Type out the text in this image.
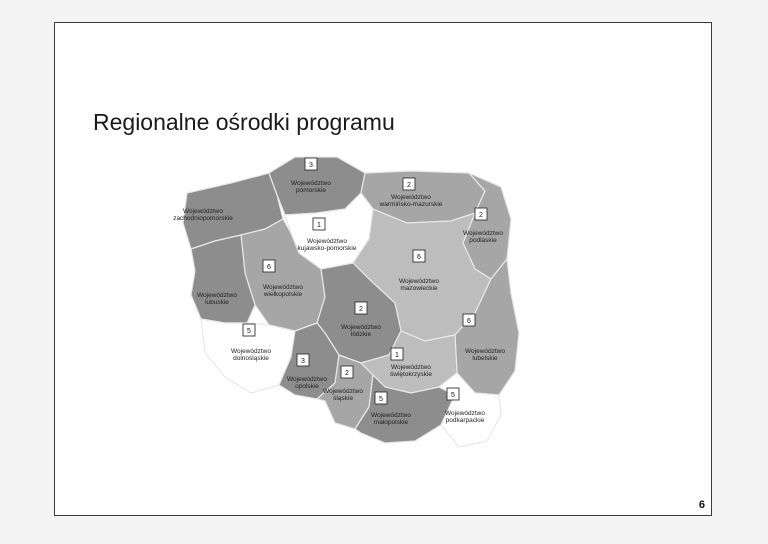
Regionalne ośrodki programu
Województwo
zachodniopomorskie
Województwo
pomorskie
3
Województwo
warmińsko-mazurskie
2
Województwo
podlaskie
2
Województwo
kujawsko-pomorskie
1
Województwo
wielkopolskie
6
Województwo
lubuskie
Województwo
mazowieckie
6
Województwo
łódzkie
2
Województwo
lubelskie
6
Województwo
dolnośląskie
5
Województwo
opolskie
3
Województwo
śląskie
2
Województwo
świętokrzyskie
1
Województwo
małopolskie
5
Województwo
podkarpackie
5
6
